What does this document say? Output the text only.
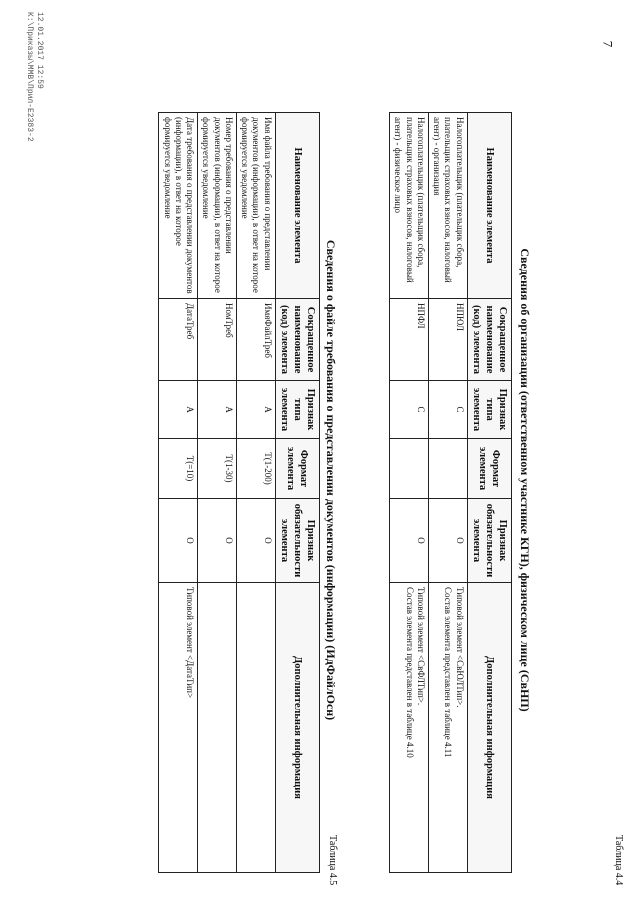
7
Таблица 4.4
Сведения об организации (ответственном участнике КГН), физическом лице (СвНП)
Наименование элемента	Сокращенное наименование (код) элемента	Признак типа элемента	Формат элемента	Признак обязательности элемента	Дополнительная информация
Налогоплательщик (плательщик сбора, плательщик страховых взносов, налоговый агент) - организация	НПЮЛ	С		О	Типовой элемент <СвЮЛТип>.
Состав элемента представлен в таблице 4.11

Налогоплательщик (плательщик сбора, плательщик страховых взносов, налоговый агент) - физическое лицо	НПФЛ	С		О	Типовой элемент <СвФЛТип>.
Состав элемента представлен в таблице 4.10
Таблица 4.5
Сведения о файле требования о представлении документов (информации) (ИдФайлОсн)
Наименование элемента	Сокращенное наименование (код) элемента	Признак типа элемента	Формат элемента	Признак обязательности элемента	Дополнительная информация
Имя файла требования о представлении документов (информации), в ответ на которое формируется уведомление	ИмяФайлТреб	А	T(1-200)	О	
Номер требования о представлении документов (информации), в ответ на которое формируется уведомление	НомТреб	А	T(1-30)	О	
Дата требования о представлении документов (информации), в ответ на которое формируется уведомление	ДатаТреб	А	T(=10)	О	Типовой элемент <ДатаТип>
12.01.2017 12:59
К:\Приказы\ММВ\Прил-Е2383-2
